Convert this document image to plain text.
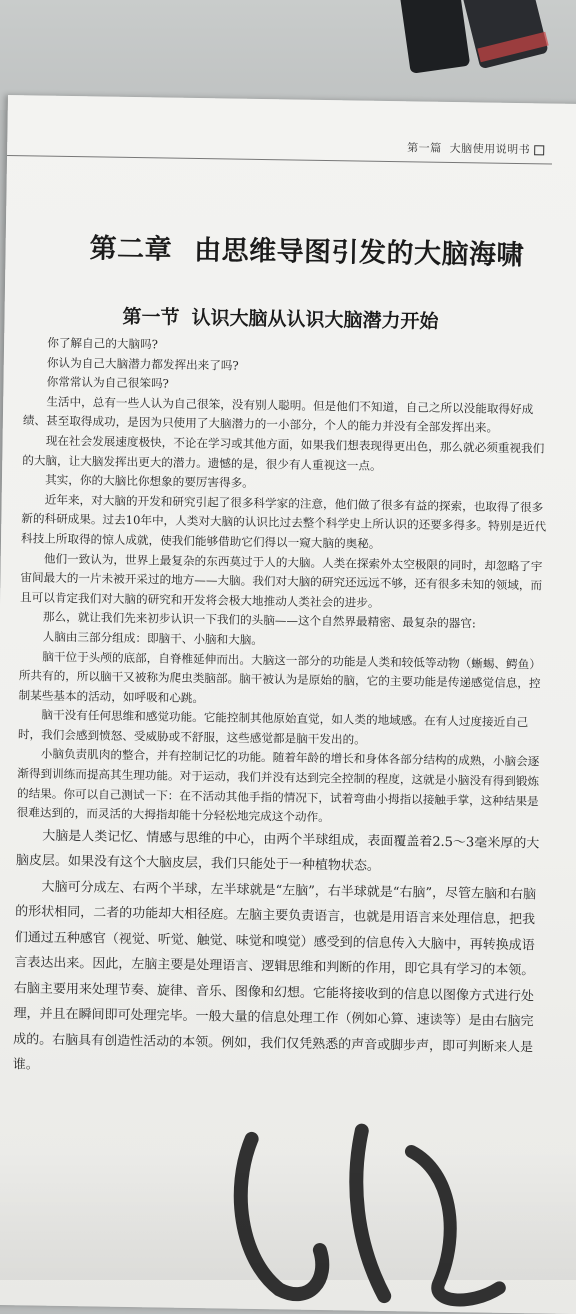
第一篇 大脑使用说明书
第二章 由思维导图引发的大脑海啸
第一节 认识大脑从认识大脑潜力开始

你了解自己的大脑吗?

你认为自己大脑潜力都发挥出来了吗?

你常常认为自己很笨吗?

生活中，总有一些人认为自己很笨，没有别人聪明。但是他们不知道，自己之所以没能取得好成绩、甚至取得成功，是因为只使用了大脑潜力的一小部分，个人的能力并没有全部发挥出来。

现在社会发展速度极快，不论在学习或其他方面，如果我们想表现得更出色，那么就必须重视我们的大脑，让大脑发挥出更大的潜力。遗憾的是，很少有人重视这一点。

其实，你的大脑比你想象的要厉害得多。

近年来，对大脑的开发和研究引起了很多科学家的注意，他们做了很多有益的探索，也取得了很多新的科研成果。过去10年中，人类对大脑的认识比过去整个科学史上所认识的还要多得多。特别是近代科技上所取得的惊人成就，使我们能够借助它们得以一窥大脑的奥秘。

他们一致认为，世界上最复杂的东西莫过于人的大脑。人类在探索外太空极限的同时，却忽略了宇宙间最大的一片未被开采过的地方——大脑。我们对大脑的研究还远远不够，还有很多未知的领域，而且可以肯定我们对大脑的研究和开发将会极大地推动人类社会的进步。

那么，就让我们先来初步认识一下我们的头脑——这个自然界最精密、最复杂的器官:

人脑由三部分组成：即脑干、小脑和大脑。

脑干位于头颅的底部，自脊椎延伸而出。大脑这一部分的功能是人类和较低等动物（蜥蜴、鳄鱼）所共有的，所以脑干又被称为爬虫类脑部。脑干被认为是原始的脑，它的主要功能是传递感觉信息，控制某些基本的活动，如呼吸和心跳。

脑干没有任何思维和感觉功能。它能控制其他原始直觉，如人类的地域感。在有人过度接近自己时，我们会感到愤怒、受威胁或不舒服，这些感觉都是脑干发出的。

小脑负责肌肉的整合，并有控制记忆的功能。随着年龄的增长和身体各部分结构的成熟，小脑会逐渐得到训练而提高其生理功能。对于运动，我们并没有达到完全控制的程度，这就是小脑没有得到锻炼的结果。你可以自己测试一下：在不活动其他手指的情况下，试着弯曲小拇指以接触手掌，这种结果是很难达到的，而灵活的大拇指却能十分轻松地完成这个动作。

大脑是人类记忆、情感与思维的中心，由两个半球组成，表面覆盖着2.5～3毫米厚的大脑皮层。如果没有这个大脑皮层，我们只能处于一种植物状态。

大脑可分成左、右两个半球，左半球就是“左脑”，右半球就是“右脑”，尽管左脑和右脑的形状相同，二者的功能却大相径庭。左脑主要负责语言，也就是用语言来处理信息，把我们通过五种感官（视觉、听觉、触觉、味觉和嗅觉）感受到的信息传入大脑中，再转换成语言表达出来。因此，左脑主要是处理语言、逻辑思维和判断的作用，即它具有学习的本领。右脑主要用来处理节奏、旋律、音乐、图像和幻想。它能将接收到的信息以图像方式进行处理，并且在瞬间即可处理完毕。一般大量的信息处理工作（例如心算、速读等）是由右脑完成的。右脑具有创造性活动的本领。例如，我们仅凭熟悉的声音或脚步声，即可判断来人是谁。
